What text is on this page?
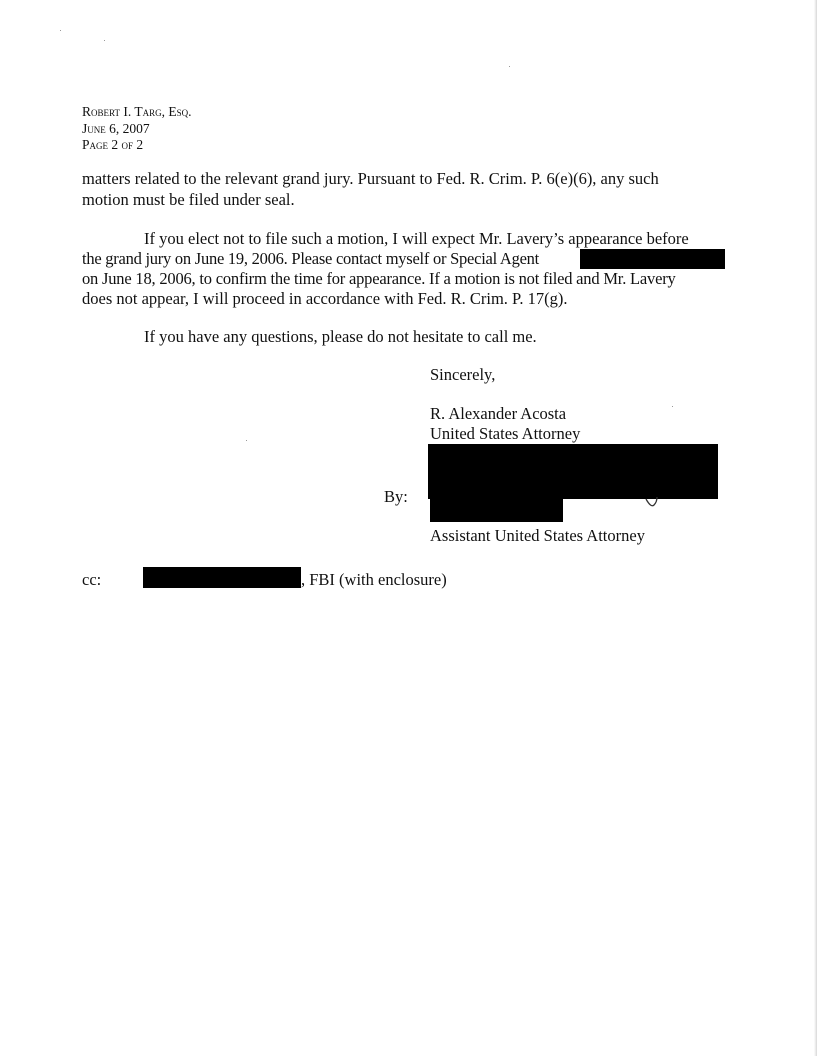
Robert I. Targ, Esq.
June 6, 2007
Page 2 of 2
matters related to the relevant grand jury. Pursuant to Fed. R. Crim. P. 6(e)(6), any such
motion must be filed under seal.
If you elect not to file such a motion, I will expect Mr. Lavery’s appearance before
the grand jury on June 19, 2006. Please contact myself or Special Agent
on June 18, 2006, to confirm the time for appearance. If a motion is not filed and Mr. Lavery
does not appear, I will proceed in accordance with Fed. R. Crim. P. 17(g).
If you have any questions, please do not hesitate to call me.
Sincerely,
R. Alexander Acosta
United States Attorney
By:
Assistant United States Attorney
cc:	, FBI (with enclosure)
